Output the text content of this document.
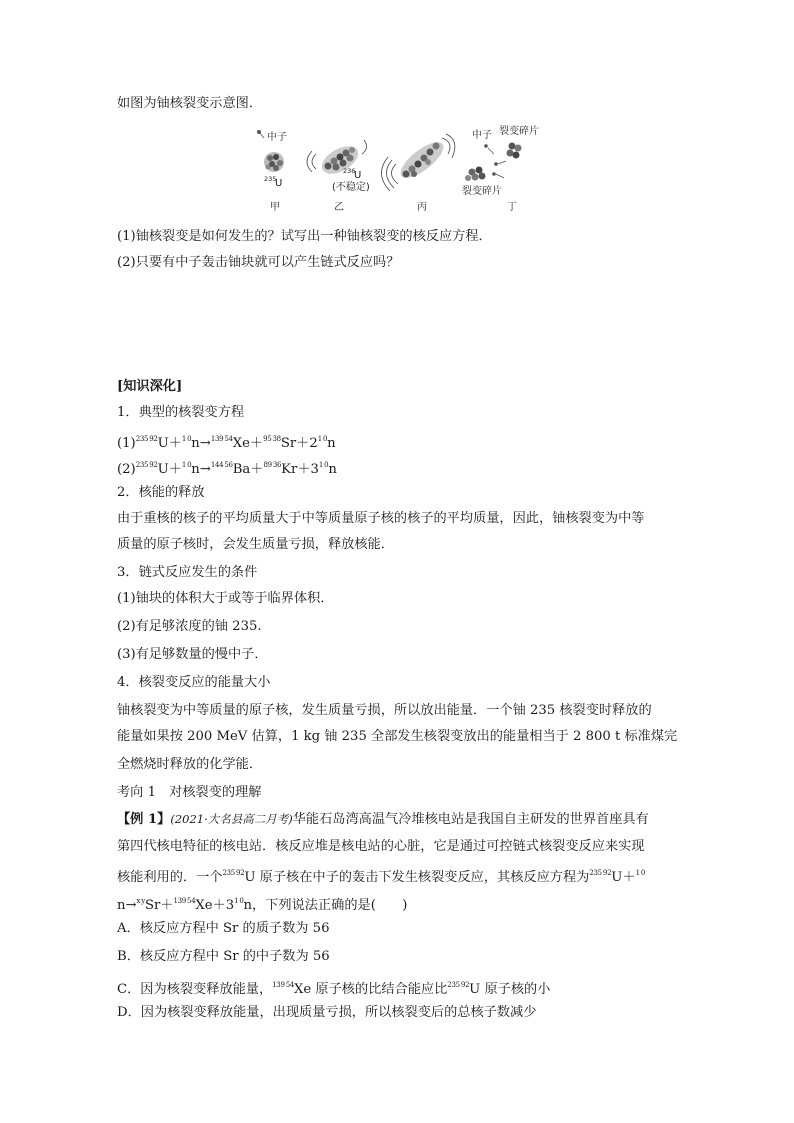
如图为铀核裂变示意图．
中子
235
U
甲
236
U
(不稳定)
乙	丙
中子 裂变碎片
裂变碎片
丁
(1)铀核裂变是如何发生的？试写出一种铀核裂变的核反应方程．
(2)只要有中子轰击铀块就可以产生链式反应吗？
[知识深化]
1．典型的核裂变方程
$(1)^{235 92}U+^{1 0}n\to^{139 54}Xe+^{95 38}Sr+2^{1 0}n$
$(2)^{235 92}U+^{1 0}n\to^{144 56}Ba+^{89 36}Kr+3^{1 0}n$
2．核能的释放
由于重核的核子的平均质量大于中等质量原子核的核子的平均质量，因此，铀核裂变为中等
质量的原子核时，会发生质量亏损，释放核能．
3．链式反应发生的条件
(1)铀块的体积大于或等于临界体积．
(2)有足够浓度的铀 235.
(3)有足够数量的慢中子．
4．核裂变反应的能量大小
铀核裂变为中等质量的原子核，发生质量亏损，所以放出能量．一个铀 235 核裂变时释放的
能量如果按 200 MeV 估算，1 kg 铀 235 全部发生核裂变放出的能量相当于 2 800 t 标准煤完
全燃烧时释放的化学能．
考向 1　对核裂变的理解
【例 1】(2021·大名县高二月考)华能石岛湾高温气冷堆核电站是我国自主研发的世界首座具有
第四代核电特征的核电站．核反应堆是核电站的心脏，它是通过可控链式核裂变反应来实现
核能利用的．一个$^{235 92}$U 原子核在中子的轰击下发生核裂变反应，其核反应方程为$^{235 92}$U＋$^{1 0}$
$n\to^{x y}Sr+^{139 54}Xe+3^{1 0}n$，下列说法正确的是(　　)
A．核反应方程中 Sr 的质子数为 56
B．核反应方程中 Sr 的中子数为 56
C．因为核裂变释放能量，$^{139 54}$Xe 原子核的比结合能应比$^{235 92}$U 原子核的小
D．因为核裂变释放能量，出现质量亏损，所以核裂变后的总核子数减少
